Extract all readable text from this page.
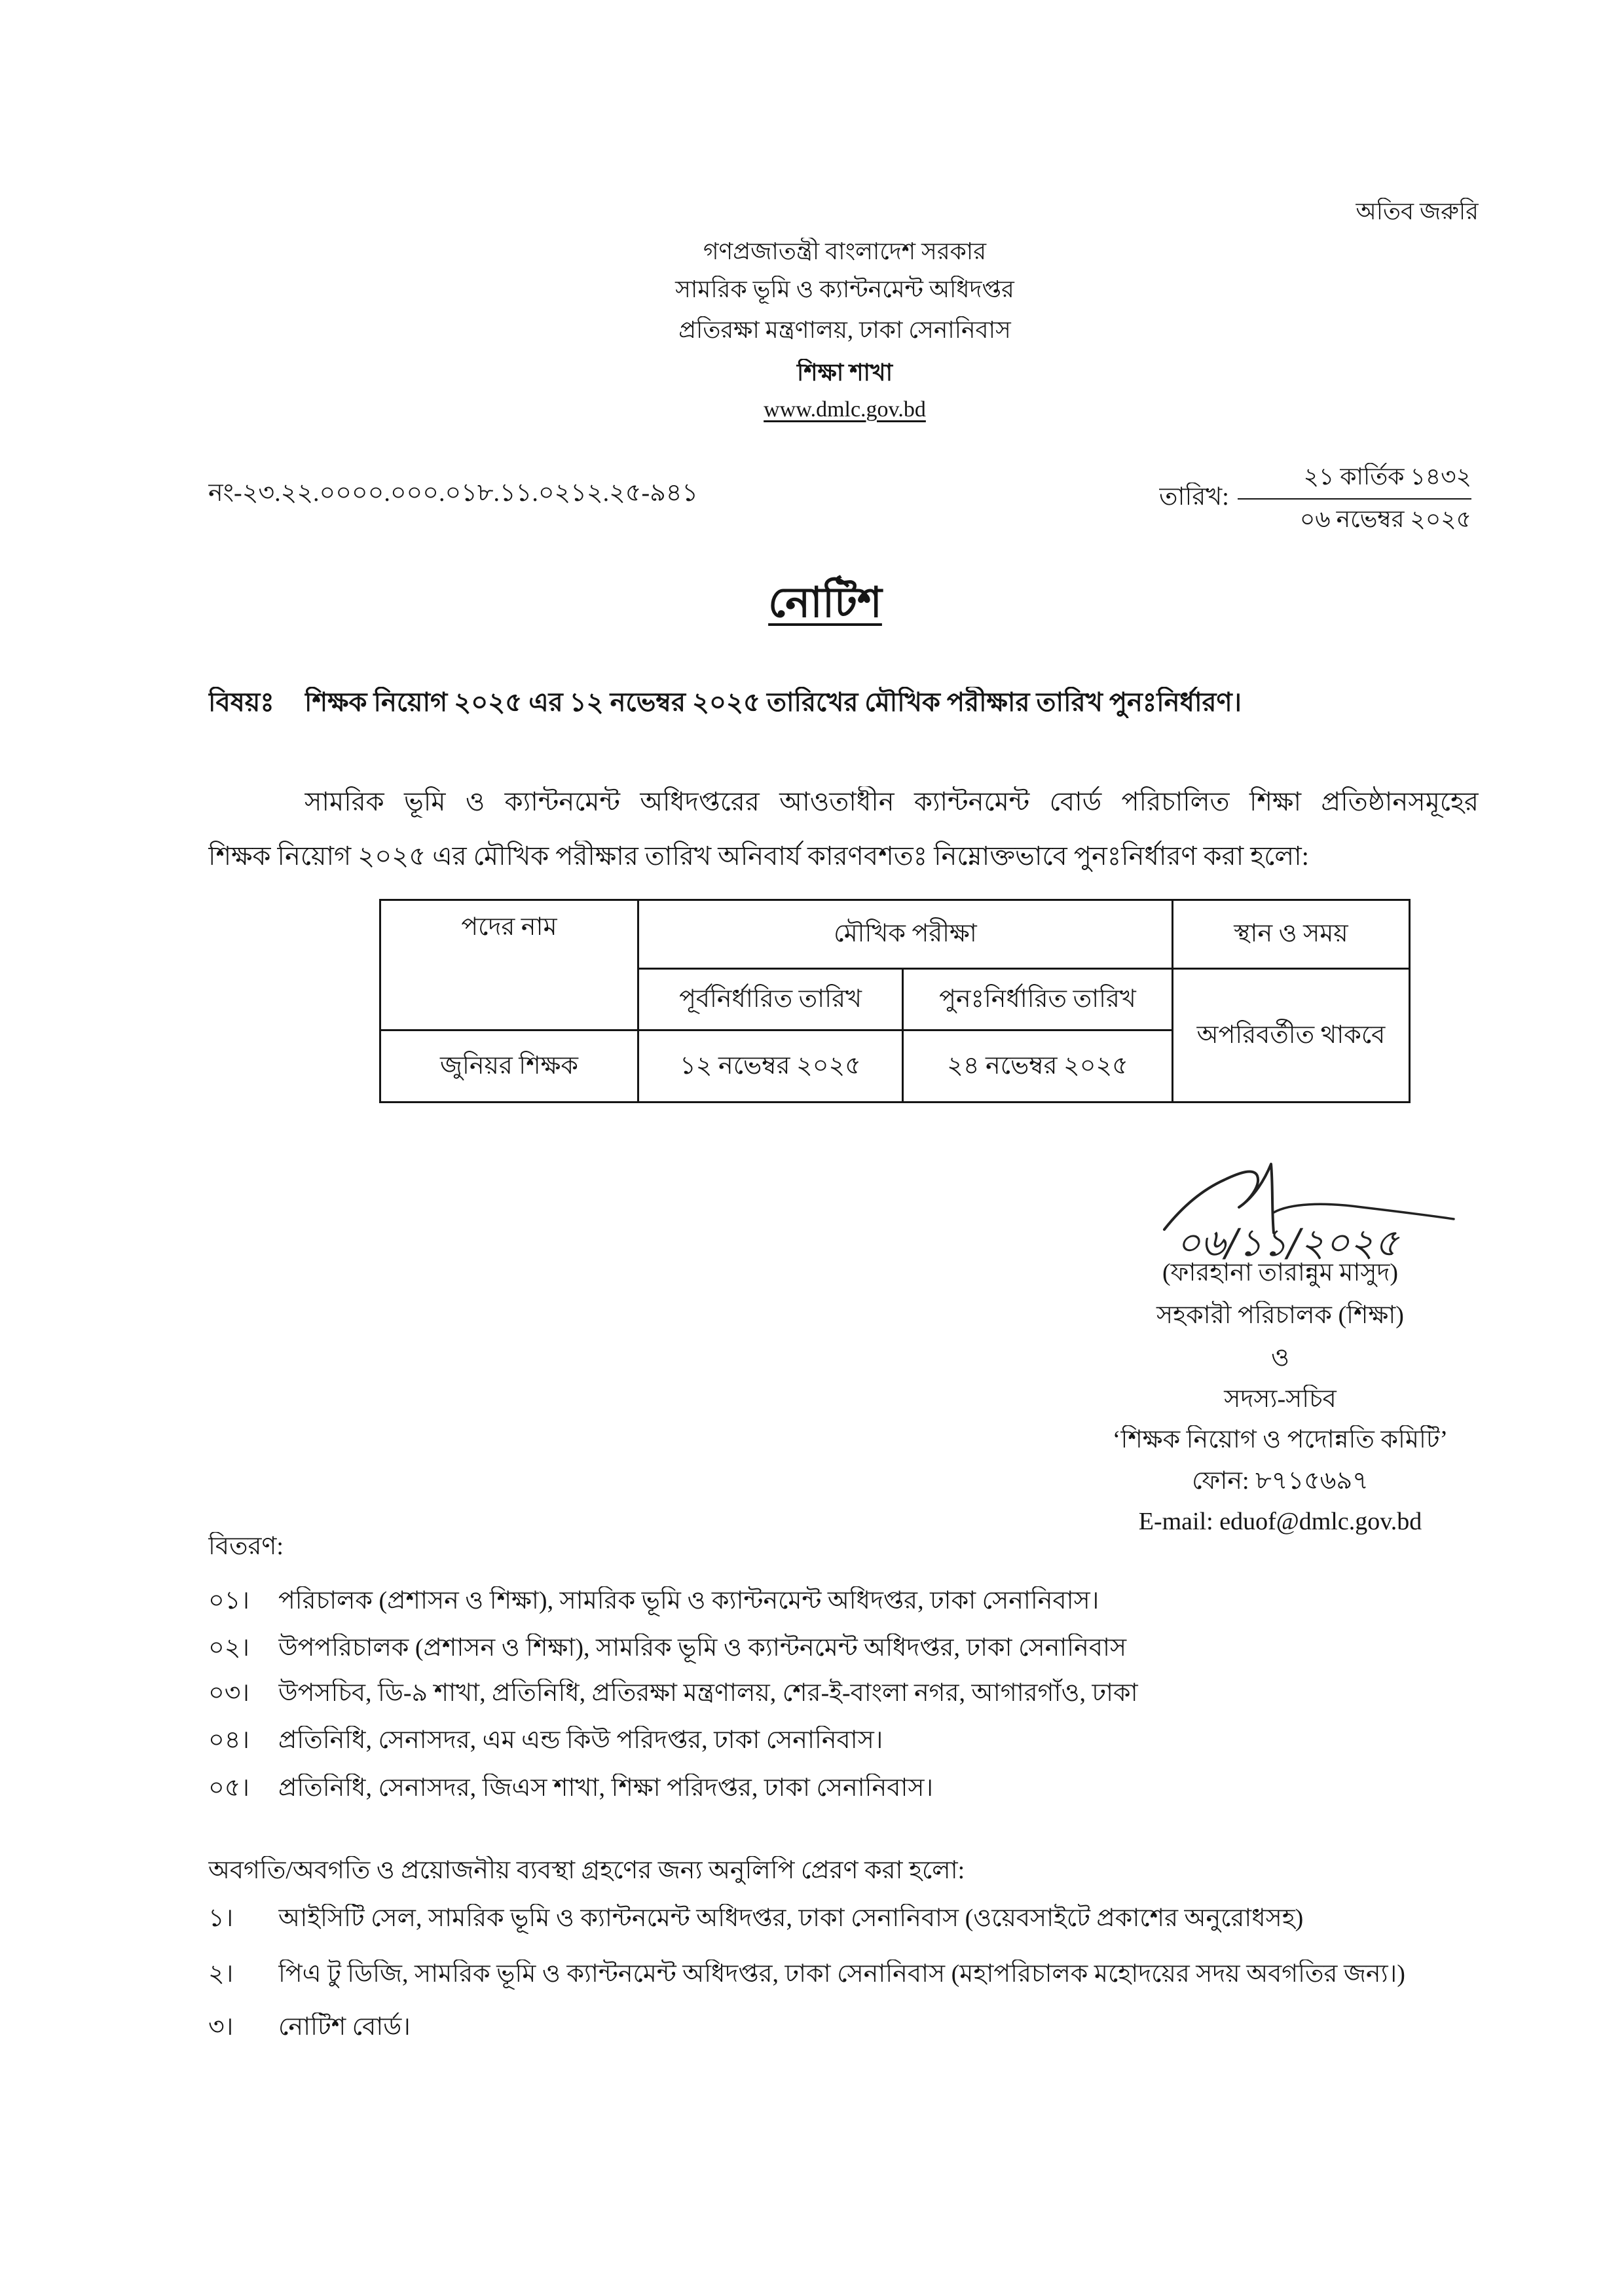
অতিব জরুরি
গণপ্রজাতন্ত্রী বাংলাদেশ সরকার
সামরিক ভূমি ও ক্যান্টনমেন্ট অধিদপ্তর
প্রতিরক্ষা মন্ত্রণালয়, ঢাকা সেনানিবাস
শিক্ষা শাখা
www.dmlc.gov.bd
নং-২৩.২২.০০০০.০০০.০১৮.১১.০২১২.২৫-৯৪১	তারিখ:
২১ কার্তিক ১৪৩২
০৬ নভেম্বর ২০২৫
নোটিশ
বিষয়ঃ	শিক্ষক নিয়োগ ২০২৫ এর ১২ নভেম্বর ২০২৫ তারিখের মৌখিক পরীক্ষার তারিখ পুনঃনির্ধারণ।
সামরিক ভূমি ও ক্যান্টনমেন্ট অধিদপ্তরের আওতাধীন ক্যান্টনমেন্ট বোর্ড পরিচালিত শিক্ষা প্রতিষ্ঠানসমূহের
শিক্ষক নিয়োগ ২০২৫ এর মৌখিক পরীক্ষার তারিখ অনিবার্য কারণবশতঃ নিম্নোক্তভাবে পুনঃনির্ধারণ করা হলো:
পদের নাম	মৌখিক পরীক্ষা		স্থান ও সময়
	পূর্বনির্ধারিত তারিখ	পুনঃনির্ধারিত তারিখ	অপরিবর্তীত থাকবে
জুনিয়র শিক্ষক	১২ নভেম্বর ২০২৫	২৪ নভেম্বর ২০২৫	
০৬/১১/২০২৫
(ফারহানা তারান্নুম মাসুদ)
সহকারী পরিচালক (শিক্ষা)
ও
সদস্য-সচিব
‘শিক্ষক নিয়োগ ও পদোন্নতি কমিটি’
ফোন: ৮৭১৫৬৯৭
E-mail: eduof@dmlc.gov.bd
বিতরণ:
০১।	পরিচালক (প্রশাসন ও শিক্ষা), সামরিক ভূমি ও ক্যান্টনমেন্ট অধিদপ্তর, ঢাকা সেনানিবাস।
০২।	উপপরিচালক (প্রশাসন ও শিক্ষা), সামরিক ভূমি ও ক্যান্টনমেন্ট অধিদপ্তর, ঢাকা সেনানিবাস
০৩।	উপসচিব, ডি-৯ শাখা, প্রতিনিধি, প্রতিরক্ষা মন্ত্রণালয়, শের-ই-বাংলা নগর, আগারগাঁও, ঢাকা
০৪।	প্রতিনিধি, সেনাসদর, এম এন্ড কিউ পরিদপ্তর, ঢাকা সেনানিবাস।
০৫।	প্রতিনিধি, সেনাসদর, জিএস শাখা, শিক্ষা পরিদপ্তর, ঢাকা সেনানিবাস।
অবগতি/অবগতি ও প্রয়োজনীয় ব্যবস্থা গ্রহণের জন্য অনুলিপি প্রেরণ করা হলো:
১।	আইসিটি সেল, সামরিক ভূমি ও ক্যান্টনমেন্ট অধিদপ্তর, ঢাকা সেনানিবাস (ওয়েবসাইটে প্রকাশের অনুরোধসহ)
২।	পিএ টু ডিজি, সামরিক ভূমি ও ক্যান্টনমেন্ট অধিদপ্তর, ঢাকা সেনানিবাস (মহাপরিচালক মহোদয়ের সদয় অবগতির জন্য।)
৩।	নোটিশ বোর্ড।
